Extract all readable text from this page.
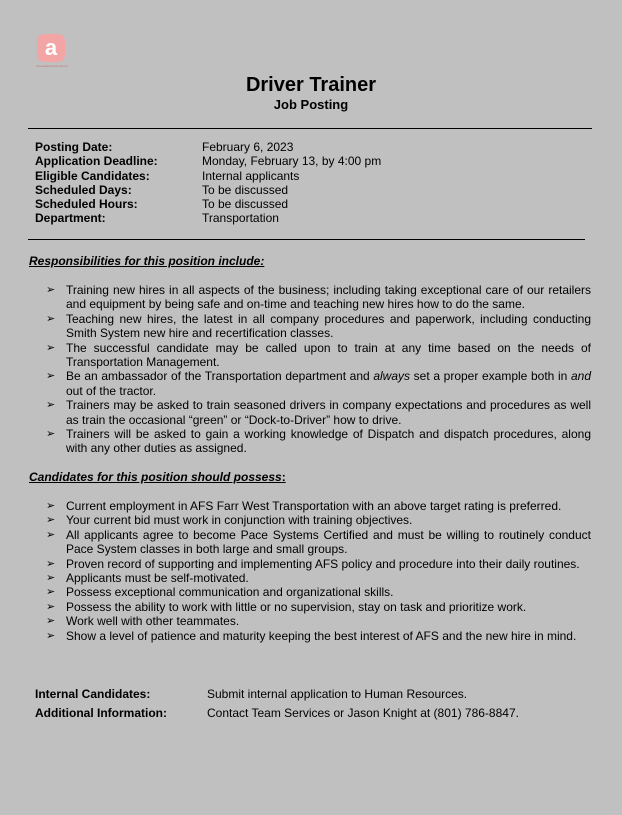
a
Associated Food Stores
Driver Trainer
Job Posting
Posting Date:	February 6, 2023
Application Deadline:	Monday, February 13, by 4:00 pm
Eligible Candidates:	Internal applicants
Scheduled Days:	To be discussed
Scheduled Hours:	To be discussed
Department:	Transportation
Responsibilities for this position include:
➢ Training new hires in all aspects of the business; including taking exceptional care of our retailers and equipment by being safe and on-time and teaching new hires how to do the same.
➢ Teaching new hires, the latest in all company procedures and paperwork, including conducting Smith System new hire and recertification classes.
➢ The successful candidate may be called upon to train at any time based on the needs of Transportation Management.
➢ Be an ambassador of the Transportation department and always set a proper example both in and out of the tractor.
➢ Trainers may be asked to train seasoned drivers in company expectations and procedures as well as train the occasional “green” or “Dock-to-Driver” how to drive.
➢ Trainers will be asked to gain a working knowledge of Dispatch and dispatch procedures, along with any other duties as assigned.
Candidates for this position should possess:
➢ Current employment in AFS Farr West Transportation with an above target rating is preferred.
➢ Your current bid must work in conjunction with training objectives.
➢ All applicants agree to become Pace Systems Certified and must be willing to routinely conduct Pace System classes in both large and small groups.
➢ Proven record of supporting and implementing AFS policy and procedure into their daily routines.
➢ Applicants must be self-motivated.
➢ Possess exceptional communication and organizational skills.
➢ Possess the ability to work with little or no supervision, stay on task and prioritize work.
➢ Work well with other teammates.
➢ Show a level of patience and maturity keeping the best interest of AFS and the new hire in mind.
Internal Candidates:	Submit internal application to Human Resources.
Additional Information:	Contact Team Services or Jason Knight at (801) 786-8847.
